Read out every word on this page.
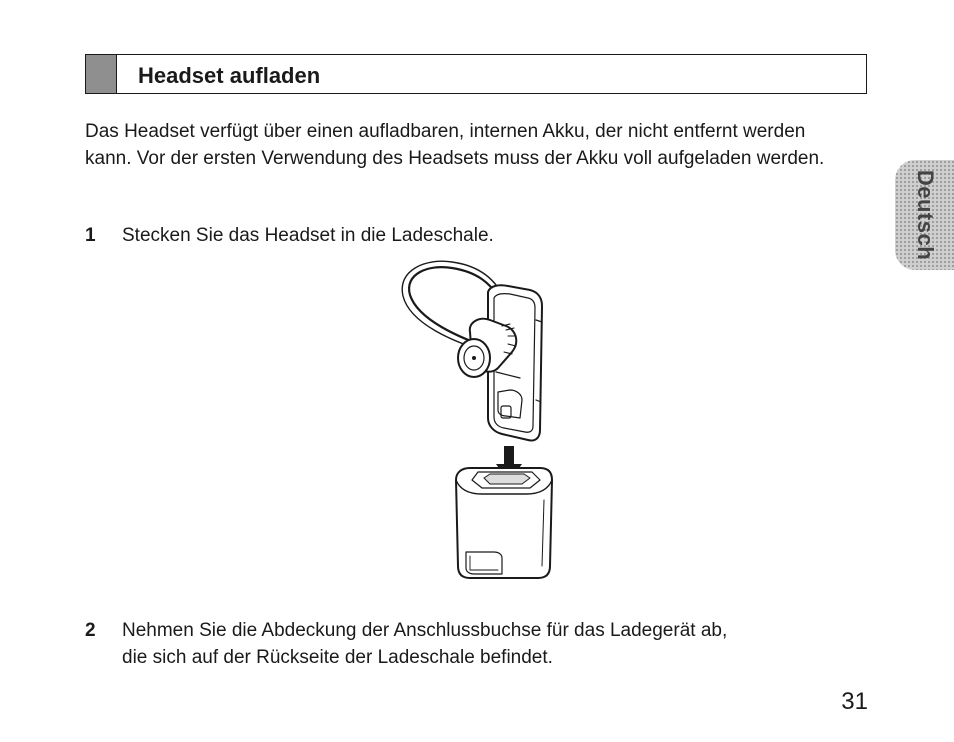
Headset aufladen

Das Headset verfügt über einen aufladbaren, internen Akku, der nicht entfernt werden kann. Vor der ersten Verwendung des Headsets muss der Akku voll aufgeladen werden.

1 Stecken Sie das Headset in die Ladeschale.
2 Nehmen Sie die Abdeckung der Anschlussbuchse für das Ladegerät ab,
die sich auf der Rückseite der Ladeschale befindet.
Deutsch
31
